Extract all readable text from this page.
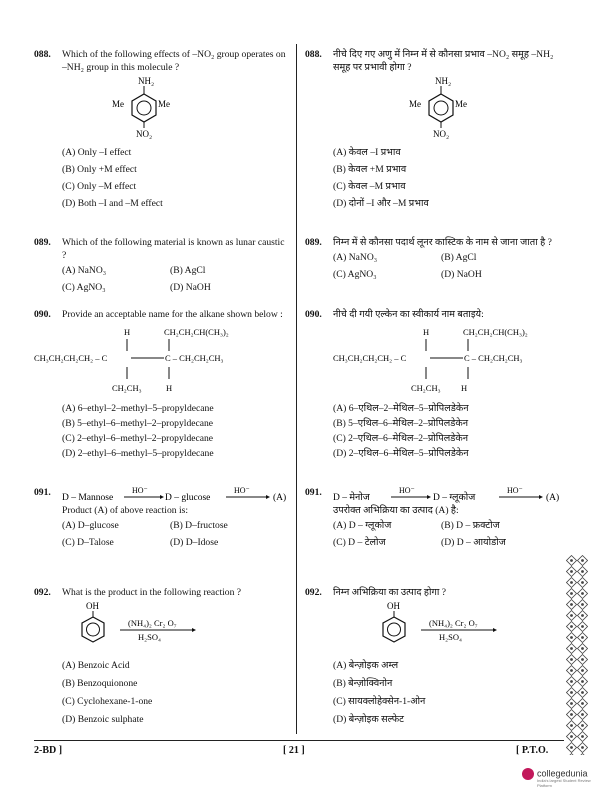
088. Which of the following effects of –NO₂ group operates on –NH₂ group in this molecule ?
NH₂
Me	Me
NO₂
(A) Only –I effect
(B) Only +M effect
(C) Only –M effect
(D) Both –I and –M effect
089. Which of the following material is known as lunar caustic ?
(A) NaNO₃	(B) AgCl
(C) AgNO₃	(D) NaOH
090. Provide an acceptable name for the alkane shown below :
H	CH₂CH₂CH(CH₃)₂
CH₃CH₂CH₂CH₂ – C	C – CH₂CH₂CH₃
CH₂CH₃	H
(A) 6–ethyl–2–methyl–5–propyldecane
(B) 5–ethyl–6–methyl–2–propyldecane
(C) 2–ethyl–6–methyl–2–propyldecane
(D) 2–ethyl–6–methyl–5–propyldecane
091. D – Mannose
HO⁻
D – glucose
HO⁻
(A)
Product (A) of above reaction is:
(A) D–glucose	(B) D–fructose
(C) D–Talose	(D) D–Idose
092. What is the product in the following reaction ?
OH
(NH₄)₂ Cr₂ O₇
H₂SO₄
(A) Benzoic Acid
(B) Benzoquionone
(C) Cyclohexane-1-one
(D) Benzoic sulphate
088. नीचे दिए गए अणु में निम्न में से कौनसा प्रभाव –NO₂ समूह –NH₂ समूह पर प्रभावी होगा ?
NH₂
Me	Me
NO₂
(A) केवल –I प्रभाव
(B) केवल +M प्रभाव
(C) केवल –M प्रभाव
(D) दोनों –I और –M प्रभाव
089. निम्न में से कौनसा पदार्थ लूनर कास्टिक के नाम से जाना जाता है ?
(A) NaNO₃	(B) AgCl
(C) AgNO₃	(D) NaOH
090. नीचे दी गयी एल्केन का स्वीकार्य नाम बताइये:
H	CH₂CH₂CH(CH₃)₂
CH₃CH₂CH₂CH₂ – C	C – CH₂CH₂CH₃
CH₂CH₃ H
(A) 6–एथिल–2–मेथिल–5–प्रोपिलडेकेन
(B) 5–एथिल–6–मेथिल–2–प्रोपिलडेकेन
(C) 2–एथिल–6–मेथिल–2–प्रोपिलडेकेन
(D) 2–एथिल–6–मेथिल–5–प्रोपिलडेकेन
091. D – मेनोज
HO⁻
D – ग्लूकोज
HO⁻
(A)
उपरोक्त अभिक्रिया का उत्पाद (A) है:
(A) D – ग्लूकोज	(B) D – फ्रक्टोज
(C) D – टेलोज	(D) D – आयोडोज
092. निम्न अभिक्रिया का उत्पाद होगा ?
OH
(NH₄)₂ Cr₂ O₇
H₂SO₄
(A) बेन्ज़ोइक अम्ल
(B) बेन्ज़ोक्विनोन
(C) सायक्लोहेक्सेन-1-ओन
(D) बेन्ज़ोइक सल्फेट
2-BD ]	[ 21 ]	[ P.T.O.
collegedunia
India's largest Student Review Platform
